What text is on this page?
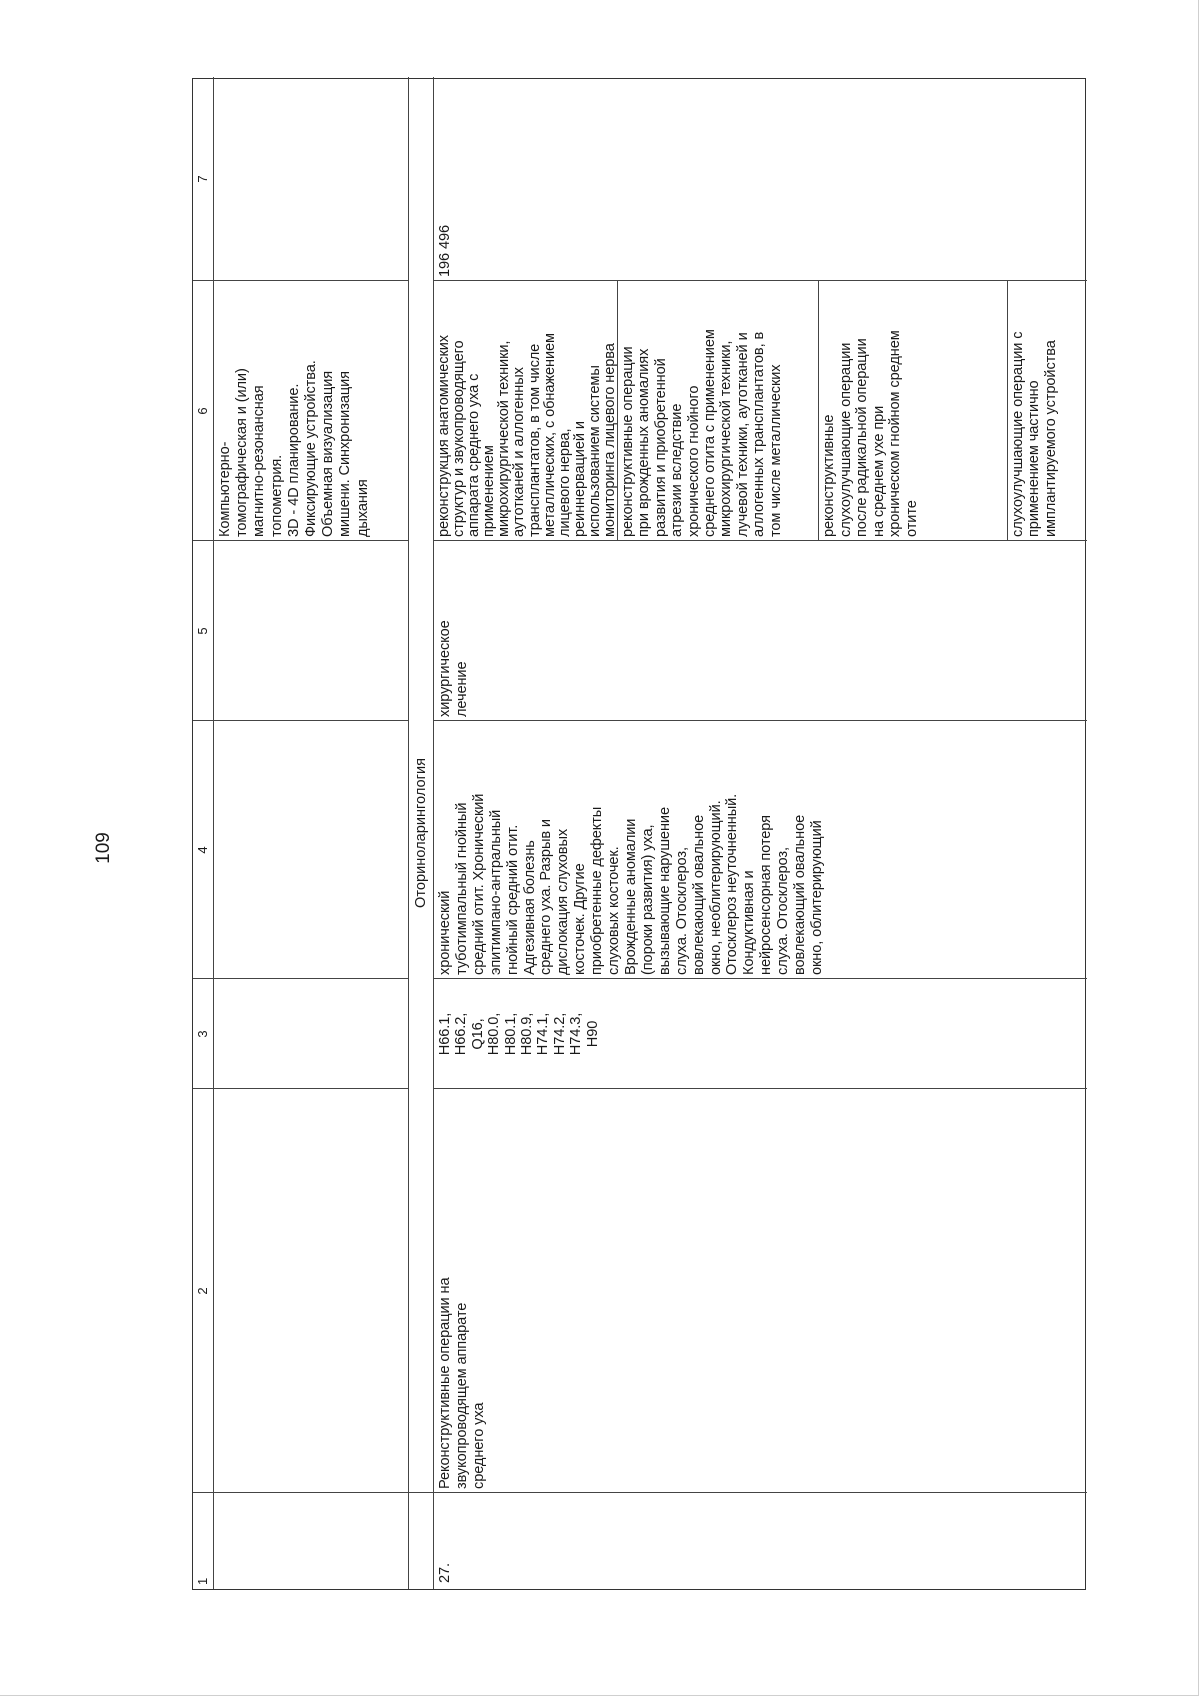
109
1
2
3
4
5
6
7
Компьютерно-
томографическая и (или)
магнитно-резонансная
топометрия.
3D - 4D планирование.
Фиксирующие устройства.
Объемная визуализация
мишени. Синхронизация
дыхания
Оториноларингология
27.
Реконструктивные операции на
звукопроводящем аппарате
среднего уха
H66.1,
H66.2,
Q16,
H80.0,
H80.1,
H80.9,
H74.1,
H74.2,
H74.3,
H90
хронический
туботимпальный гнойный
средний отит. Хронический
эпитимпано-антральный
гнойный средний отит.
Адгезивная болезнь
среднего уха. Разрыв и
дислокация слуховых
косточек. Другие
приобретенные дефекты
слуховых косточек.
Врожденные аномалии
(пороки развития) уха,
вызывающие нарушение
слуха. Отосклероз,
вовлекающий овальное
окно, необлитерирующий.
Отосклероз неуточненный.
Кондуктивная и
нейросенсорная потеря
слуха. Отосклероз,
вовлекающий овальное
окно, облитерирующий
хирургическое
лечение
реконструкция анатомических
структур и звукопроводящего
аппарата среднего уха с
применением
микрохирургической техники,
аутотканей и аллогенных
трансплантатов, в том числе
металлических, с обнажением
лицевого нерва,
реиннервацией и
использованием системы
мониторинга лицевого нерва
реконструктивные операции
при врожденных аномалиях
развития и приобретенной
атрезии вследствие
хронического гнойного
среднего отита с применением
микрохирургической техники,
лучевой техники, аутотканей и
аллогенных трансплантатов, в
том числе металлических	реконструктивные
слухоулучшающие операции
после радикальной операции
на среднем ухе при
хроническом гнойном среднем
отите	слухоулучшающие операции с
применением частично
имплантируемого устройства
196 496
